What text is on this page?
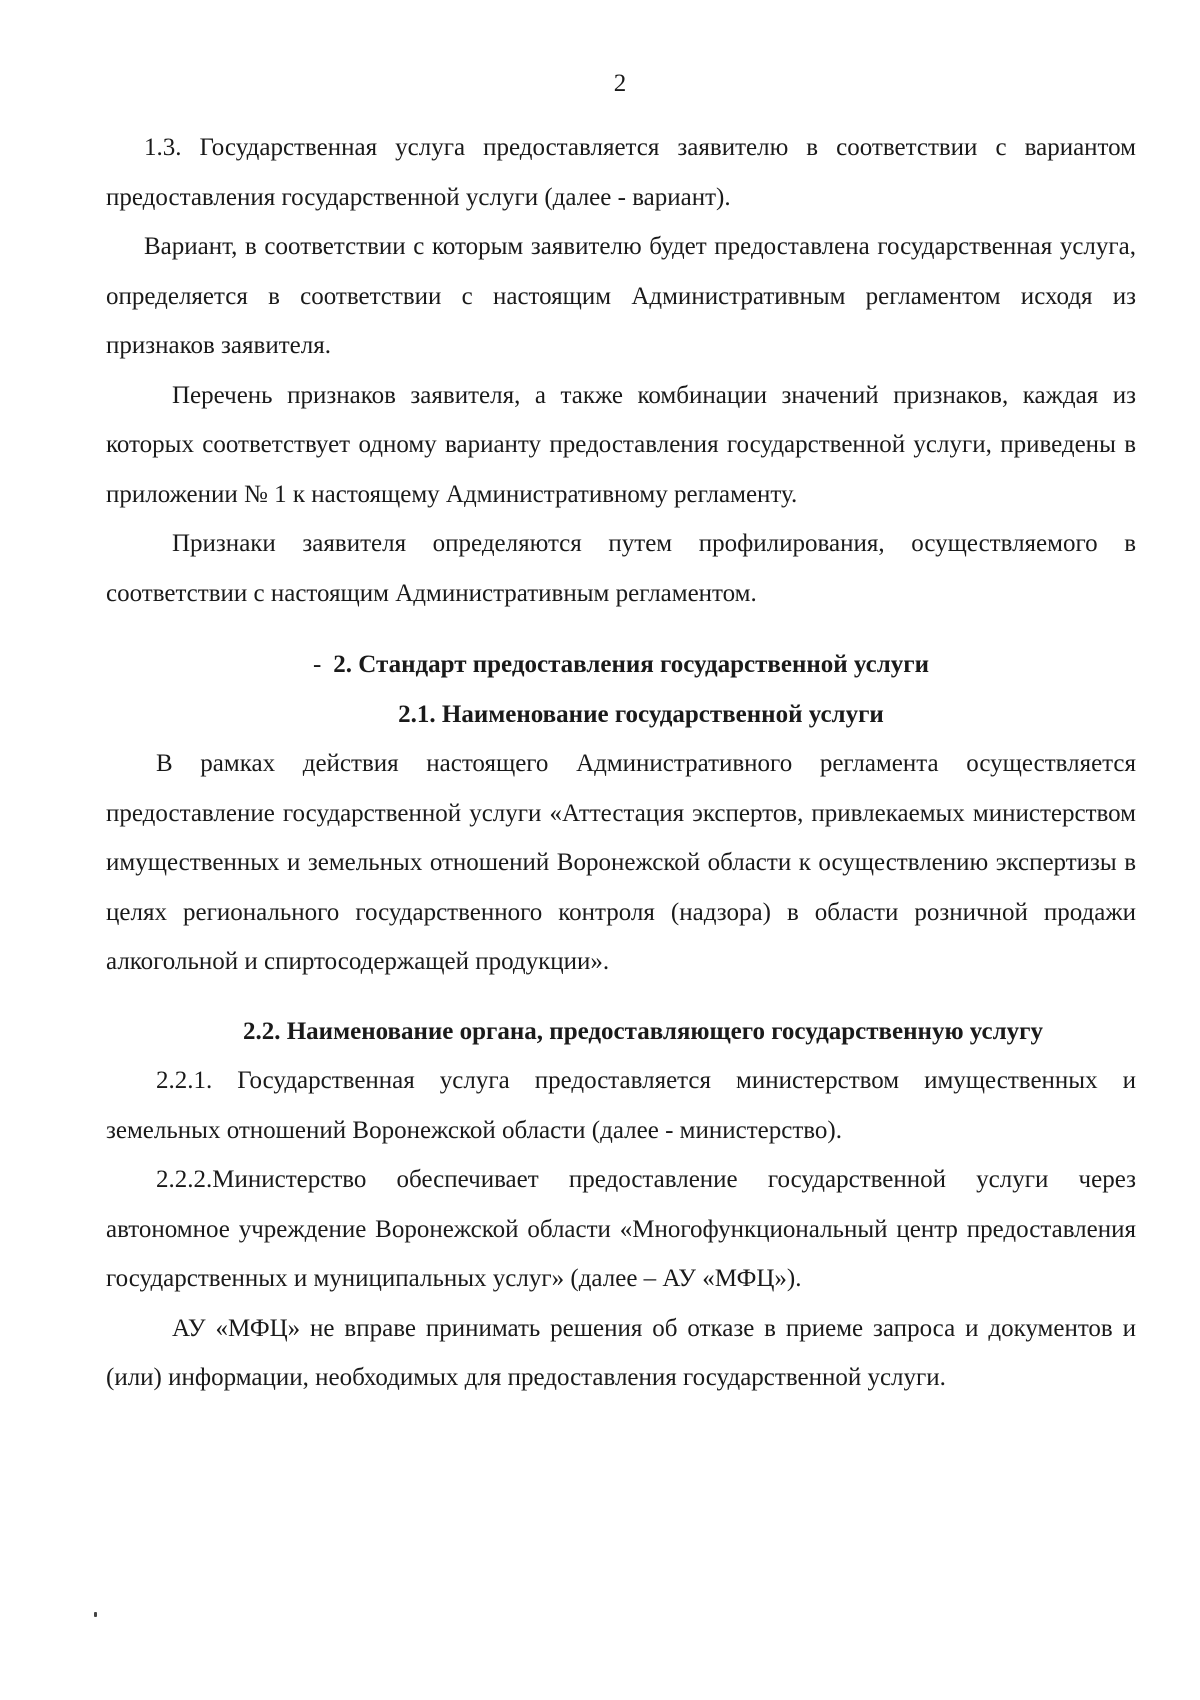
2

1.3. Государственная услуга предоставляется заявителю в соответствии с вариантом предоставления государственной услуги (далее - вариант).

Вариант, в соответствии с которым заявителю будет предоставлена государственная услуга, определяется в соответствии с настоящим Административным регламентом исходя из признаков заявителя.

Перечень признаков заявителя, а также комбинации значений признаков, каждая из которых соответствует одному варианту предоставления государственной услуги, приведены в приложении № 1 к настоящему Административному регламенту.

Признаки заявителя определяются путем профилирования, осуществляемого в соответствии с настоящим Административным регламентом.

- 2. Стандарт предоставления государственной услуги
2.1. Наименование государственной услуги

В рамках действия настоящего Административного регламента осуществляется предоставление государственной услуги «Аттестация экспертов, привлекаемых министерством имущественных и земельных отношений Воронежской области к осуществлению экспертизы в целях регионального государственного контроля (надзора) в области розничной продажи алкогольной и спиртосодержащей продукции».

2.2. Наименование органа, предоставляющего государственную услугу

2.2.1. Государственная услуга предоставляется министерством имущественных и земельных отношений Воронежской области (далее - министерство).

2.2.2.Министерство обеспечивает предоставление государственной услуги через автономное учреждение Воронежской области «Многофункциональный центр предоставления государственных и муниципальных услуг» (далее – АУ «МФЦ»).

АУ «МФЦ» не вправе принимать решения об отказе в приеме запроса и документов и (или) информации, необходимых для предоставления государственной услуги.
